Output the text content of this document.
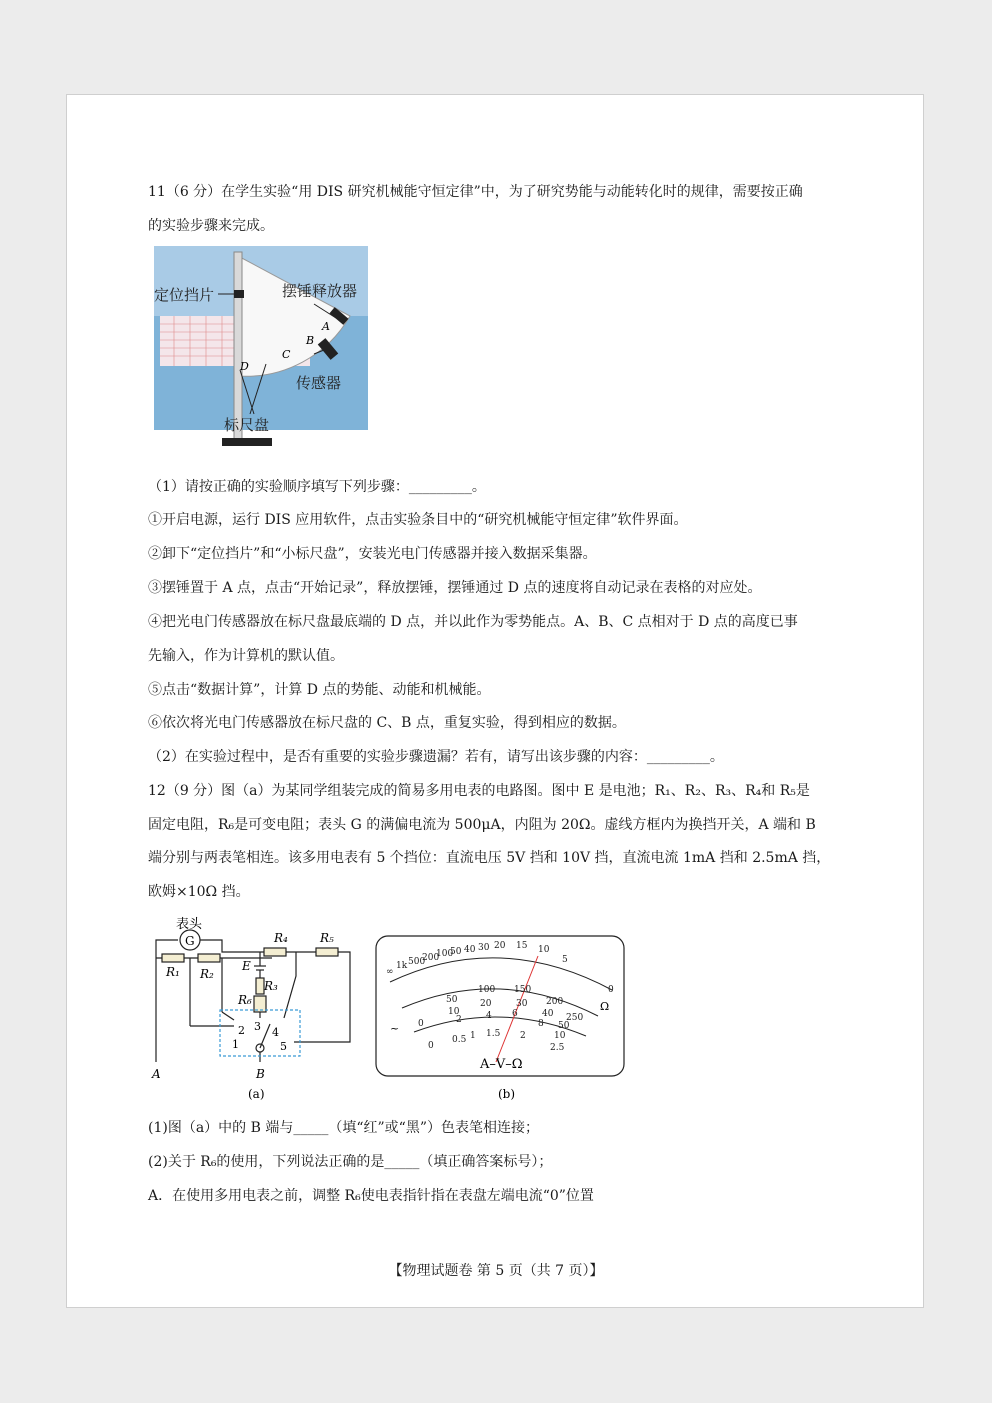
11（6 分）在学生实验“用 DIS 研究机械能守恒定律”中，为了研究势能与动能转化时的规律，需要按正确
的实验步骤来完成。
定位挡片	摆锤释放器
传感器
标尺盘
A
B
C
D
（1）请按正确的实验顺序填写下列步骤：_________。
①开启电源，运行 DIS 应用软件，点击实验条目中的“研究机械能守恒定律”软件界面。
②卸下“定位挡片”和“小标尺盘”，安装光电门传感器并接入数据采集器。
③摆锤置于 A 点，点击“开始记录”，释放摆锤，摆锤通过 D 点的速度将自动记录在表格的对应处。
④把光电门传感器放在标尺盘最底端的 D 点，并以此作为零势能点。A、B、C 点相对于 D 点的高度已事
先输入，作为计算机的默认值。
⑤点击“数据计算”，计算 D 点的势能、动能和机械能。
⑥依次将光电门传感器放在标尺盘的 C、B 点，重复实验，得到相应的数据。
（2）在实验过程中，是否有重要的实验步骤遗漏？若有，请写出该步骤的内容：_________。
12（9 分）图（a）为某同学组装完成的简易多用电表的电路图。图中 E 是电池；R₁、R₂、R₃、R₄和 R₅是
固定电阻，R₆是可变电阻；表头 G 的满偏电流为 500μA，内阻为 20Ω。虚线方框内为换挡开关，A 端和 B
端分别与两表笔相连。该多用电表有 5 个挡位：直流电压 5V 挡和 10V 挡，直流电流 1mA 挡和 2.5mA 挡，
欧姆×10Ω 挡。
表头
G
R₁ R₂
R₃
R₄	R₅
R₆
E
A	B
1
2 3 4
5
(a)
∞
1k 500
200
100
50 40 30 20 15 10
5
0
50
100 150
200
250
10
20	30
40
50
0	2	4 6
8
10
0
0.5 1 1.5 2
2.5
Ω
~
A–V–Ω
(b)
(1)图（a）中的 B 端与_____（填“红”或“黑”）色表笔相连接；
(2)关于 R₆的使用，下列说法正确的是_____（填正确答案标号）；
A．在使用多用电表之前，调整 R₆使电表指针指在表盘左端电流“0”位置
【物理试题卷 第 5 页（共 7 页）】
